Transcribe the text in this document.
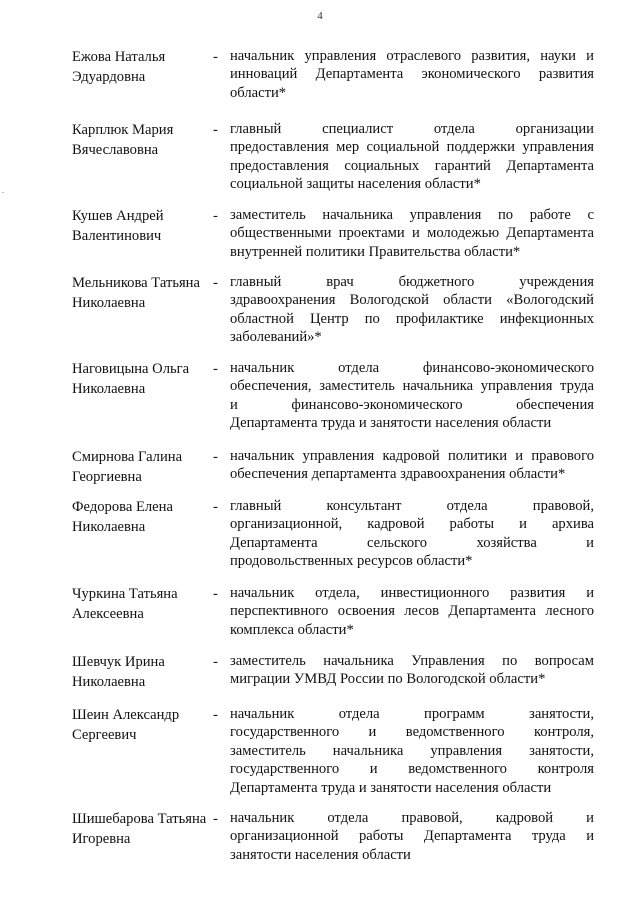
4
Ежова Наталья
Эдуардовна
- начальник управления отраслевого развития, науки и
инноваций Департамента экономического развития
области*
Карплюк Мария
Вячеславовна
- главный специалист отдела организации
предоставления мер социальной поддержки управления
предоставления социальных гарантий Департамента
социальной защиты населения области*
Кушев Андрей
Валентинович
- заместитель начальника управления по работе с
общественными проектами и молодежью Департамента
внутренней политики Правительства области*
Мельникова Татьяна
Николаевна
- главный врач бюджетного учреждения
здравоохранения Вологодской области «Вологодский
областной Центр по профилактике инфекционных
заболеваний»*
Наговицына Ольга
Николаевна
- начальник отдела финансово-экономического
обеспечения, заместитель начальника управления труда
и финансово-экономического обеспечения
Департамента труда и занятости населения области
Смирнова Галина
Георгиевна
- начальник управления кадровой политики и правового
обеспечения департамента здравоохранения области*
Федорова Елена
Николаевна
- главный консультант отдела правовой,
организационной, кадровой работы и архива
Департамента сельского хозяйства и
продовольственных ресурсов области*
Чуркина Татьяна
Алексеевна
- начальник отдела, инвестиционного развития и
перспективного освоения лесов Департамента лесного
комплекса области*
Шевчук Ирина
Николаевна
- заместитель начальника Управления по вопросам
миграции УМВД России по Вологодской области*
Шеин Александр
Сергеевич
- начальник отдела программ занятости,
государственного и ведомственного контроля,
заместитель начальника управления занятости,
государственного и ведомственного контроля
Департамента труда и занятости населения области
Шишебарова Татьяна
Игоревна
- начальник отдела правовой, кадровой и
организационной работы Департамента труда и
занятости населения области
